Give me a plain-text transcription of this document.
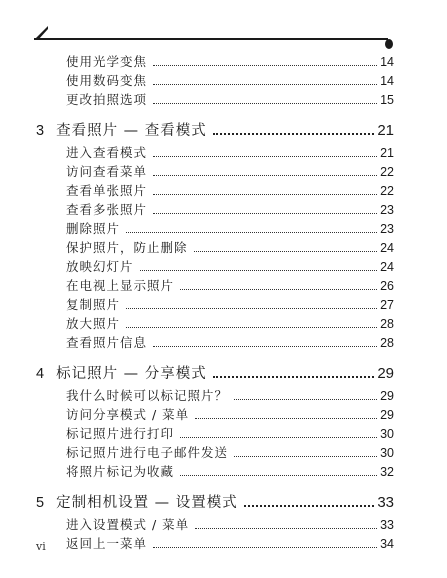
使用光学变焦	14
使用数码变焦	14
更改拍照选项	15
3 查看照片 — 查看模式	21
进入查看模式	21
访问查看菜单	22
查看单张照片	22
查看多张照片	23
删除照片	23
保护照片，防止删除	24
放映幻灯片	24
在电视上显示照片	26
复制照片	27
放大照片	28
查看照片信息	28
4 标记照片 — 分享模式	29
我什么时候可以标记照片？	29
访问分享模式 / 菜单	29
标记照片进行打印	30
标记照片进行电子邮件发送	30
将照片标记为收藏	32
5 定制相机设置 — 设置模式	33
进入设置模式 / 菜单	33
返回上一菜单	34
vi
